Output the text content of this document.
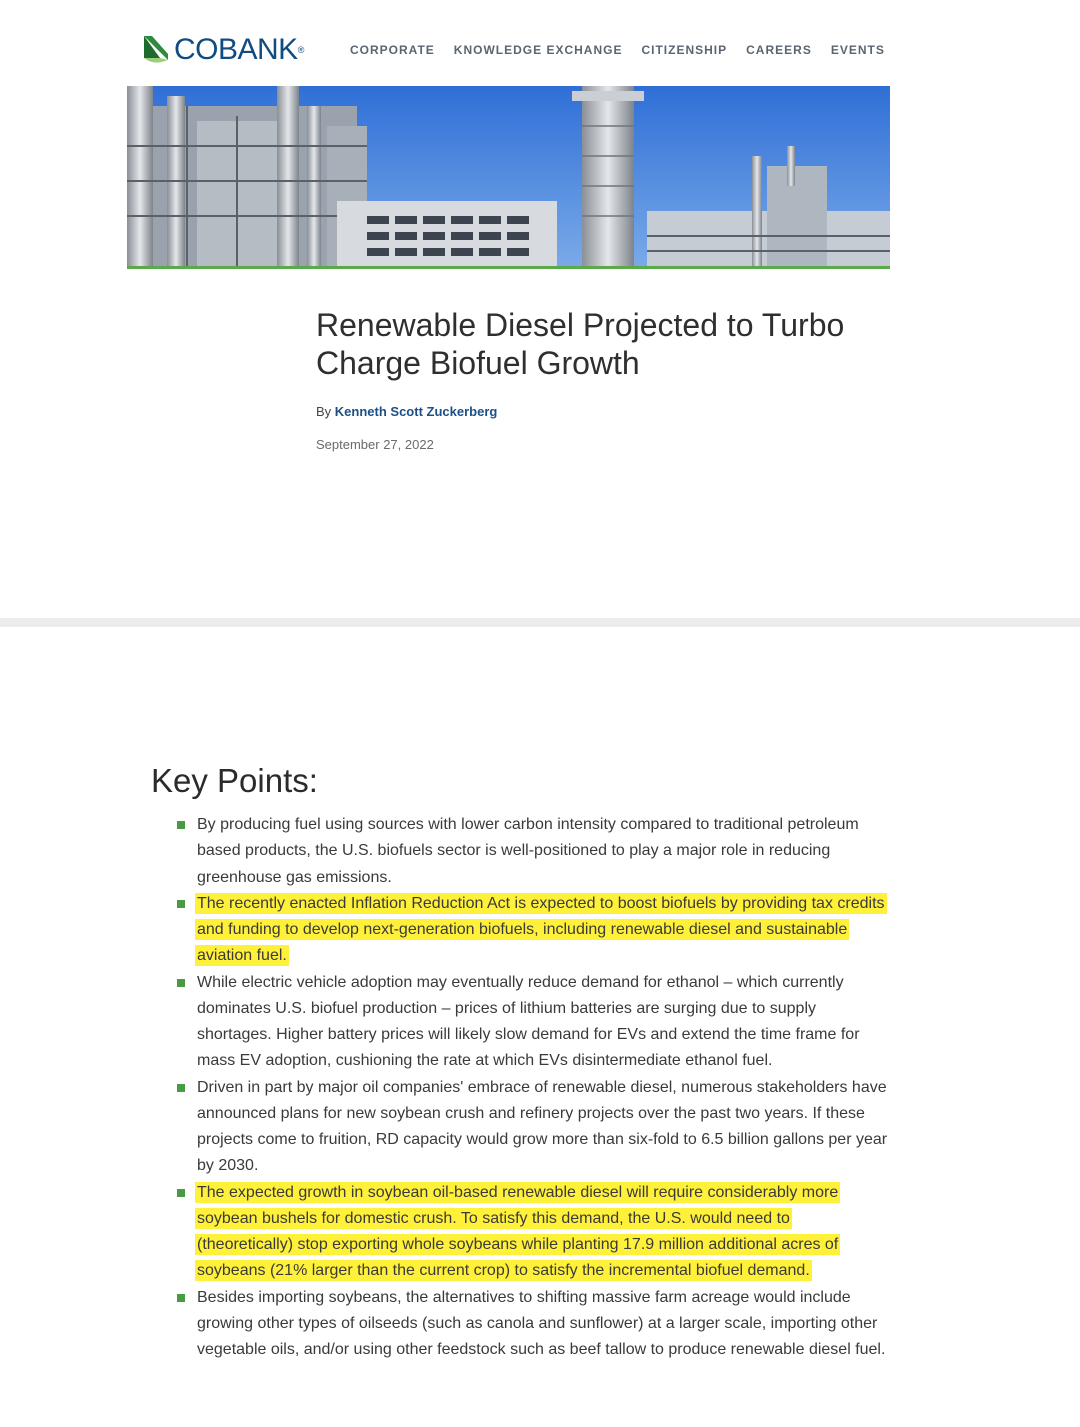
COBANK ®	CORPORATE KNOWLEDGE EXCHANGE CITIZENSHIP CAREERS EVENTS
Renewable Diesel Projected to Turbo Charge Biofuel Growth
By Kenneth Scott Zuckerberg
September 27, 2022
Key Points:
By producing fuel using sources with lower carbon intensity compared to traditional petroleum based products, the U.S. biofuels sector is well-positioned to play a major role in reducing greenhouse gas emissions.
The recently enacted Inflation Reduction Act is expected to boost biofuels by providing tax credits and funding to develop next-generation biofuels, including renewable diesel and sustainable aviation fuel.
While electric vehicle adoption may eventually reduce demand for ethanol – which currently dominates U.S. biofuel production – prices of lithium batteries are surging due to supply shortages. Higher battery prices will likely slow demand for EVs and extend the time frame for mass EV adoption, cushioning the rate at which EVs disintermediate ethanol fuel.
Driven in part by major oil companies' embrace of renewable diesel, numerous stakeholders have announced plans for new soybean crush and refinery projects over the past two years. If these projects come to fruition, RD capacity would grow more than six-fold to 6.5 billion gallons per year by 2030.
The expected growth in soybean oil-based renewable diesel will require considerably more soybean bushels for domestic crush. To satisfy this demand, the U.S. would need to (theoretically) stop exporting whole soybeans while planting 17.9 million additional acres of soybeans (21% larger than the current crop) to satisfy the incremental biofuel demand.
Besides importing soybeans, the alternatives to shifting massive farm acreage would include growing other types of oilseeds (such as canola and sunflower) at a larger scale, importing other vegetable oils, and/or using other feedstock such as beef tallow to produce renewable diesel fuel.
